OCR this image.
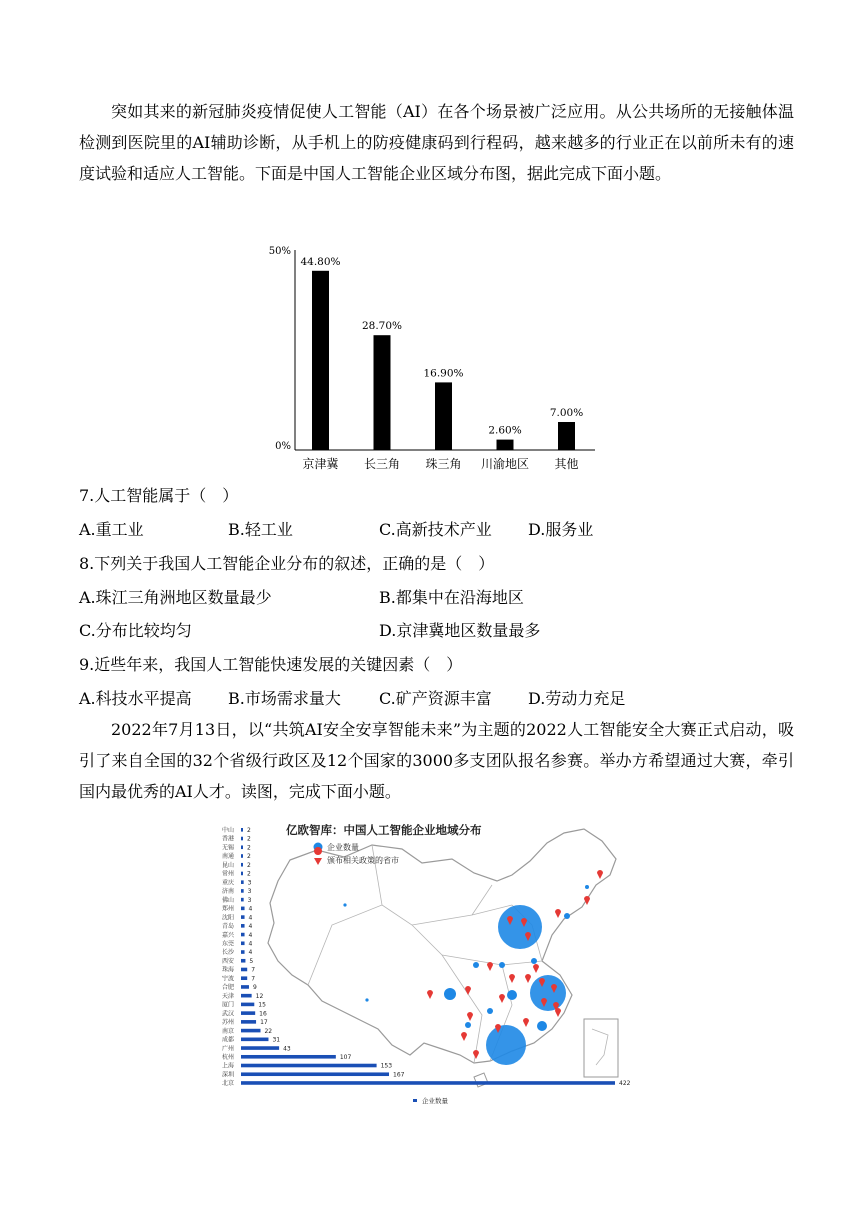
突如其来的新冠肺炎疫情促使人工智能（AI）在各个场景被广泛应用。从公共场所的无接触体温检测到医院里的AI辅助诊断，从手机上的防疫健康码到行程码，越来越多的行业正在以前所未有的速度试验和适应人工智能。下面是中国人工智能企业区域分布图，据此完成下面小题。

0%
50%
44.80%
京津冀
28.70%
长三角
16.90%
珠三角
2.60%
川渝地区
7.00%
其他

7.人工智能属于（　）

A.重工业	B.轻工业	C.高新技术产业 D.服务业

8.下列关于我国人工智能企业分布的叙述，正确的是（　）

A.珠江三角洲地区数量最少	B.都集中在沿海地区

C.分布比较均匀	D.京津冀地区数量最多

9.近些年来，我国人工智能快速发展的关键因素（　）

A.科技水平提高 B.市场需求量大 C.矿产资源丰富 D.劳动力充足

2022年7月13日，以“共筑AI安全安享智能未来”为主题的2022人工智能安全大赛正式启动，吸引了来自全国的32个省级行政区及12个国家的3000多支团队报名参赛。举办方希望通过大赛，牵引国内最优秀的AI人才。读图，完成下面小题。

亿欧智库：中国人工智能企业地域分布
企业数量
颁布相关政策的省市
中山 2
香港 2
无锡 2
南通 2
昆山 2
常州 2
重庆 3
济南 3
佛山 3
郑州 4
沈阳 4
青岛 4
嘉兴 4
东莞 4
长沙 4
西安	5
珠海	7
宁波	7
合肥	9
天津	12
厦门	15
武汉	16
苏州	17
南京	22
成都	31
广州	43
杭州	107
上海	153
深圳	167
北京	422
企业数量
